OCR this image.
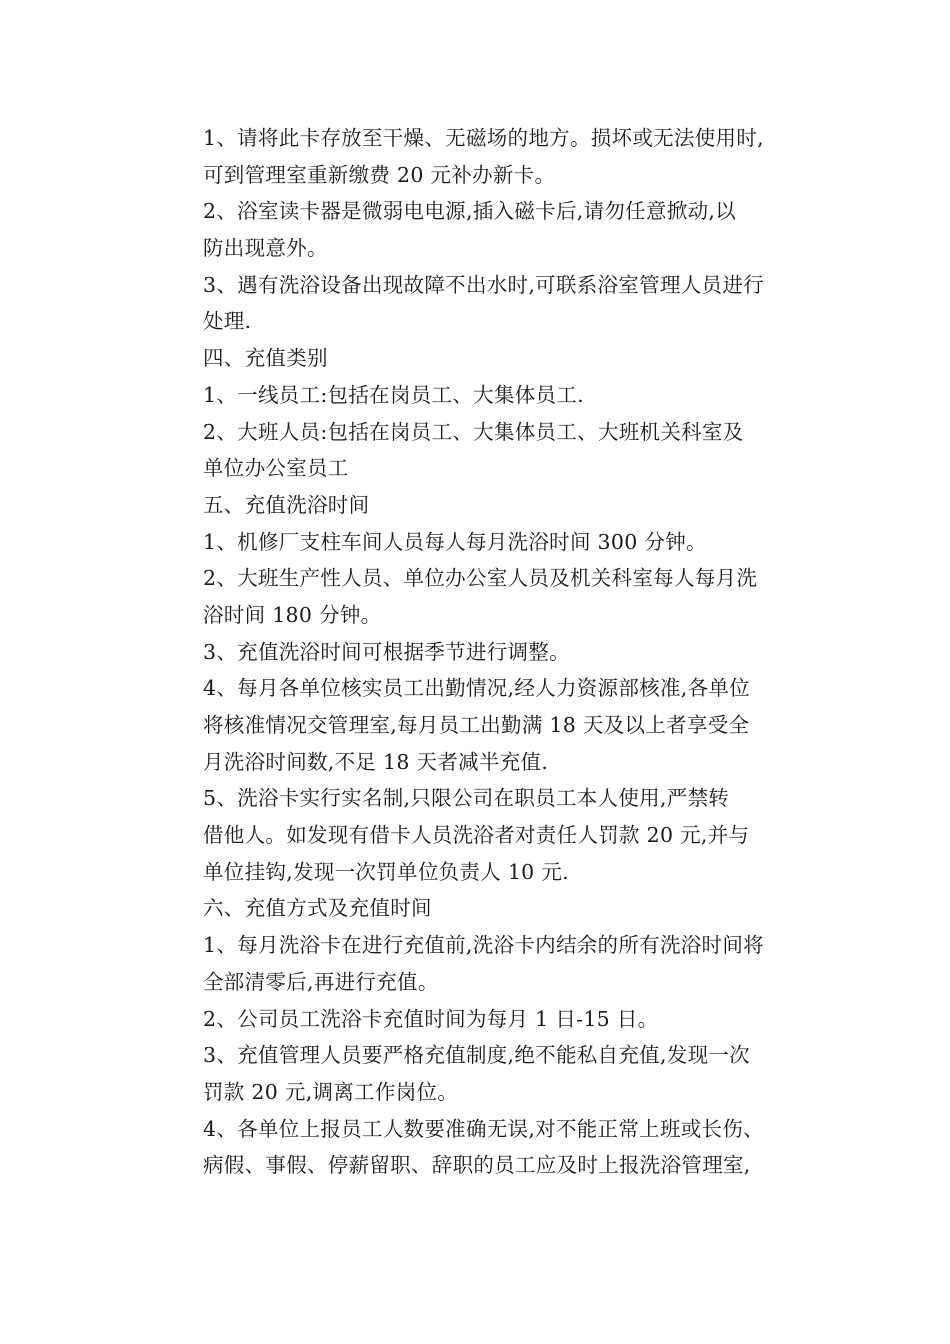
1、请将此卡存放至干燥、无磁场的地方。损坏或无法使用时,
可到管理室重新缴费 20 元补办新卡。
2、浴室读卡器是微弱电电源,插入磁卡后,请勿任意掀动,以
防出现意外。
3、遇有洗浴设备出现故障不出水时,可联系浴室管理人员进行
处理.
四、充值类别
1、一线员工:包括在岗员工、大集体员工.
2、大班人员:包括在岗员工、大集体员工、大班机关科室及
单位办公室员工
五、充值洗浴时间
1、机修厂支柱车间人员每人每月洗浴时间 300 分钟。
2、大班生产性人员、单位办公室人员及机关科室每人每月洗
浴时间 180 分钟。
3、充值洗浴时间可根据季节进行调整。
4、每月各单位核实员工出勤情况,经人力资源部核准,各单位
将核准情况交管理室,每月员工出勤满 18 天及以上者享受全
月洗浴时间数,不足 18 天者减半充值.
5、洗浴卡实行实名制,只限公司在职员工本人使用,严禁转
借他人。如发现有借卡人员洗浴者对责任人罚款 20 元,并与
单位挂钩,发现一次罚单位负责人 10 元.
六、充值方式及充值时间
1、每月洗浴卡在进行充值前,洗浴卡内结余的所有洗浴时间将
全部清零后,再进行充值。
2、公司员工洗浴卡充值时间为每月 1 日-15 日。
3、充值管理人员要严格充值制度,绝不能私自充值,发现一次
罚款 20 元,调离工作岗位。
4、各单位上报员工人数要准确无误,对不能正常上班或长伤、
病假、事假、停薪留职、辞职的员工应及时上报洗浴管理室,
